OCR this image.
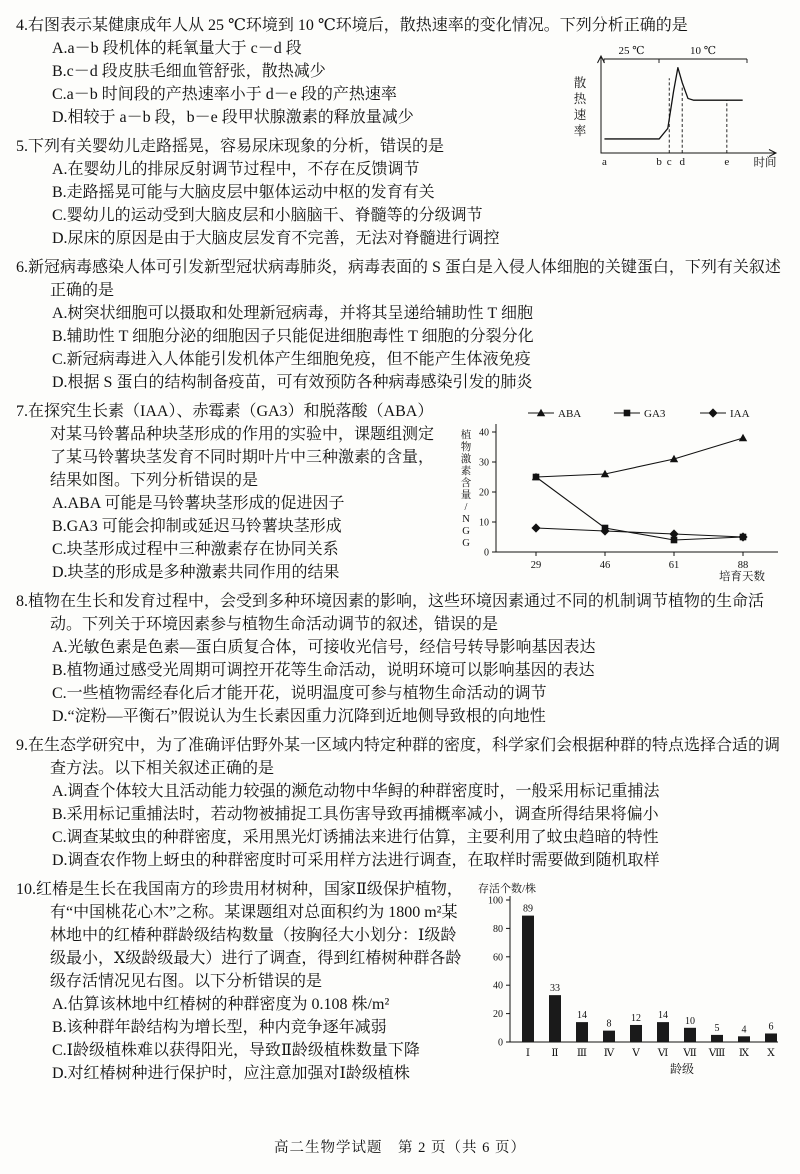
4.右图表示某健康成年人从 25 ℃环境到 10 ℃环境后，散热速率的变化情况。下列分析正确的是

散
热
速
率
25 ℃	10 ℃
a	b c d	e 时间

A.a－b 段机体的耗氧量大于 c－d 段

B.c－d 段皮肤毛细血管舒张，散热减少

C.a－b 时间段的产热速率小于 d－e 段的产热速率

D.相较于 a－b 段，b－e 段甲状腺激素的释放量减少

5.下列有关婴幼儿走路摇晃，容易尿床现象的分析，错误的是

A.在婴幼儿的排尿反射调节过程中，不存在反馈调节

B.走路摇晃可能与大脑皮层中躯体运动中枢的发育有关

C.婴幼儿的运动受到大脑皮层和小脑脑干、脊髓等的分级调节

D.尿床的原因是由于大脑皮层发育不完善，无法对脊髓进行调控

6.新冠病毒感染人体可引发新型冠状病毒肺炎，病毒表面的 S 蛋白是入侵人体细胞的关键蛋白，下列有关叙述正确的是

A.树突状细胞可以摄取和处理新冠病毒，并将其呈递给辅助性 T 细胞

B.辅助性 T 细胞分泌的细胞因子只能促进细胞毒性 T 细胞的分裂分化

C.新冠病毒进入人体能引发机体产生细胞免疫，但不能产生体液免疫

D.根据 S 蛋白的结构制备疫苗，可有效预防各种病毒感染引发的肺炎

ABA	GA3	IAA
植
物
激
素
含
量
/
N
G
G
0
10
20
30
40
29	46	61	88
培育天数

7.在探究生长素（IAA）、赤霉素（GA3）和脱落酸（ABA）对某马铃薯品种块茎形成的作用的实验中，课题组测定了某马铃薯块茎发育不同时期叶片中三种激素的含量，结果如图。下列分析错误的是

A.ABA 可能是马铃薯块茎形成的促进因子

B.GA3 可能会抑制或延迟马铃薯块茎形成

C.块茎形成过程中三种激素存在协同关系

D.块茎的形成是多种激素共同作用的结果

8.植物在生长和发育过程中，会受到多种环境因素的影响，这些环境因素通过不同的机制调节植物的生命活动。下列关于环境因素参与植物生命活动调节的叙述，错误的是

A.光敏色素是色素—蛋白质复合体，可接收光信号，经信号转导影响基因表达

B.植物通过感受光周期可调控开花等生命活动，说明环境可以影响基因的表达

C.一些植物需经春化后才能开花，说明温度可参与植物生命活动的调节

D.“淀粉—平衡石”假说认为生长素因重力沉降到近地侧导致根的向地性

9.在生态学研究中，为了准确评估野外某一区域内特定种群的密度，科学家们会根据种群的特点选择合适的调查方法。以下相关叙述正确的是

A.调查个体较大且活动能力较强的濒危动物中华鲟的种群密度时，一般采用标记重捕法

B.采用标记重捕法时，若动物被捕捉工具伤害导致再捕概率减小，调查所得结果将偏小

C.调查某蚊虫的种群密度，采用黑光灯诱捕法来进行估算，主要利用了蚊虫趋暗的特性

D.调查农作物上蚜虫的种群密度时可采用样方法进行调查，在取样时需要做到随机取样

存活个数/株
0
20
40
60
80
100
89
Ⅰ
33
Ⅱ
14
Ⅲ
8
Ⅳ
12
Ⅴ
14
Ⅵ
10
Ⅶ
5
Ⅷ
4
Ⅸ
6
Ⅹ
龄级

10.红椿是生长在我国南方的珍贵用材树种，国家Ⅱ级保护植物，有“中国桃花心木”之称。某课题组对总面积约为 1800 m²某林地中的红椿种群龄级结构数量（按胸径大小划分：Ⅰ级龄级最小，Ⅹ级龄级最大）进行了调查，得到红椿树种群各龄级存活情况见右图。以下分析错误的是

A.估算该林地中红椿树的种群密度为 0.108 株/m²

B.该种群年龄结构为增长型，种内竞争逐年减弱

C.Ⅰ龄级植株难以获得阳光，导致Ⅱ龄级植株数量下降

D.对红椿树种进行保护时，应注意加强对Ⅰ龄级植株

高二生物学试题　第 2 页（共 6 页）
